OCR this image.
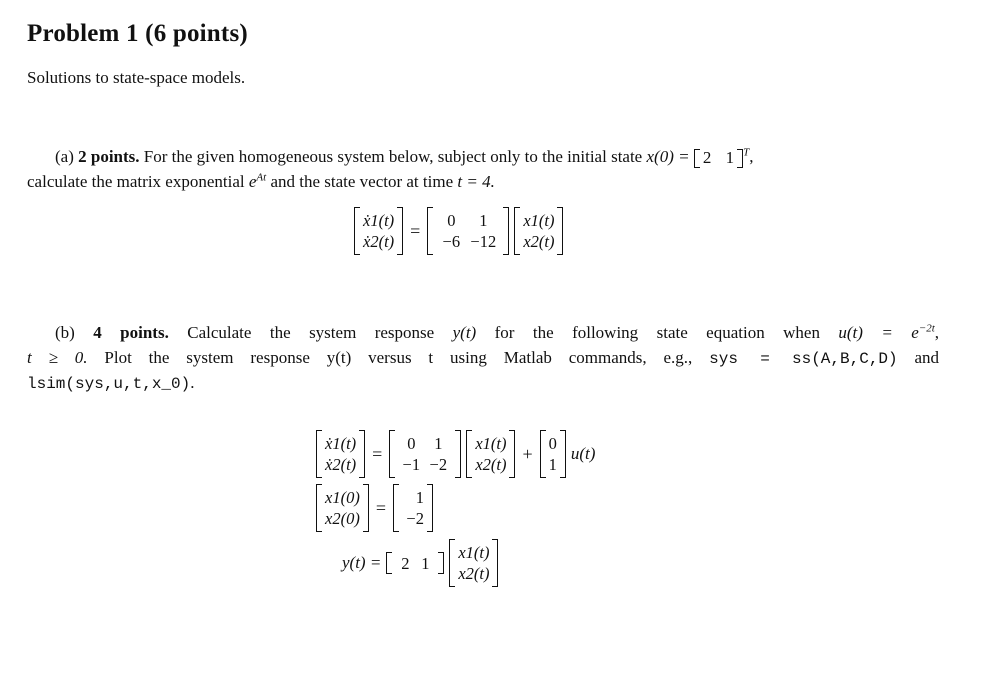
Problem 1 (6 points)
Solutions to state-space models.
(a) 2 points. For the given homogeneous system below, subject only to the initial state x(0) = 2 1 $^T$,
calculate the matrix exponential $e^{At}$ and the state vector at time t = 4.
ẋ1(t)
ẋ2(t)
=	0	1
−6 −12
x1(t)
x2(t)
(b) 4 points. Calculate the system response y(t) for the following state equation when $u(t) = e^{-2t}$,
t ≥ 0. Plot the system response y(t) versus t using Matlab commands, e.g., sys = ss(A,B,C,D) and
lsim(sys,u,t,x_0).
ẋ1(t)
ẋ2(t)
=	0	1
−1 −2
x1(t)
x2(t)
+ 0
1
u(t)
x1(0)
x2(0)
=	1
−2
y(t) =	2 1
x1(t)
x2(t)
